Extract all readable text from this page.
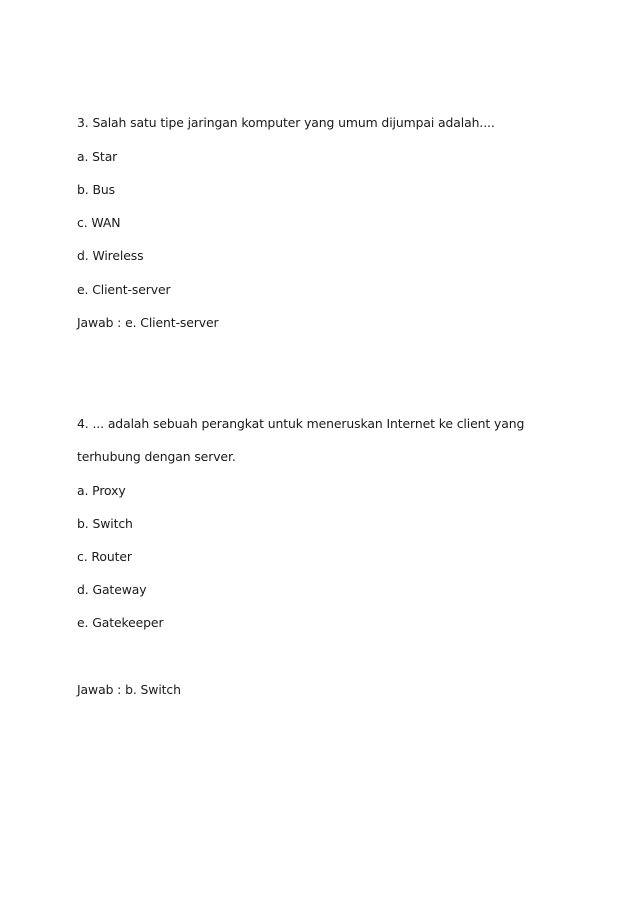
3. Salah satu tipe jaringan komputer yang umum dijumpai adalah....
a. Star
b. Bus
c. WAN
d. Wireless
e. Client-server
Jawab : e. Client-server
4. ... adalah sebuah perangkat untuk meneruskan Internet ke client yang
terhubung dengan server.
a. Proxy
b. Switch
c. Router
d. Gateway
e. Gatekeeper
Jawab : b. Switch
